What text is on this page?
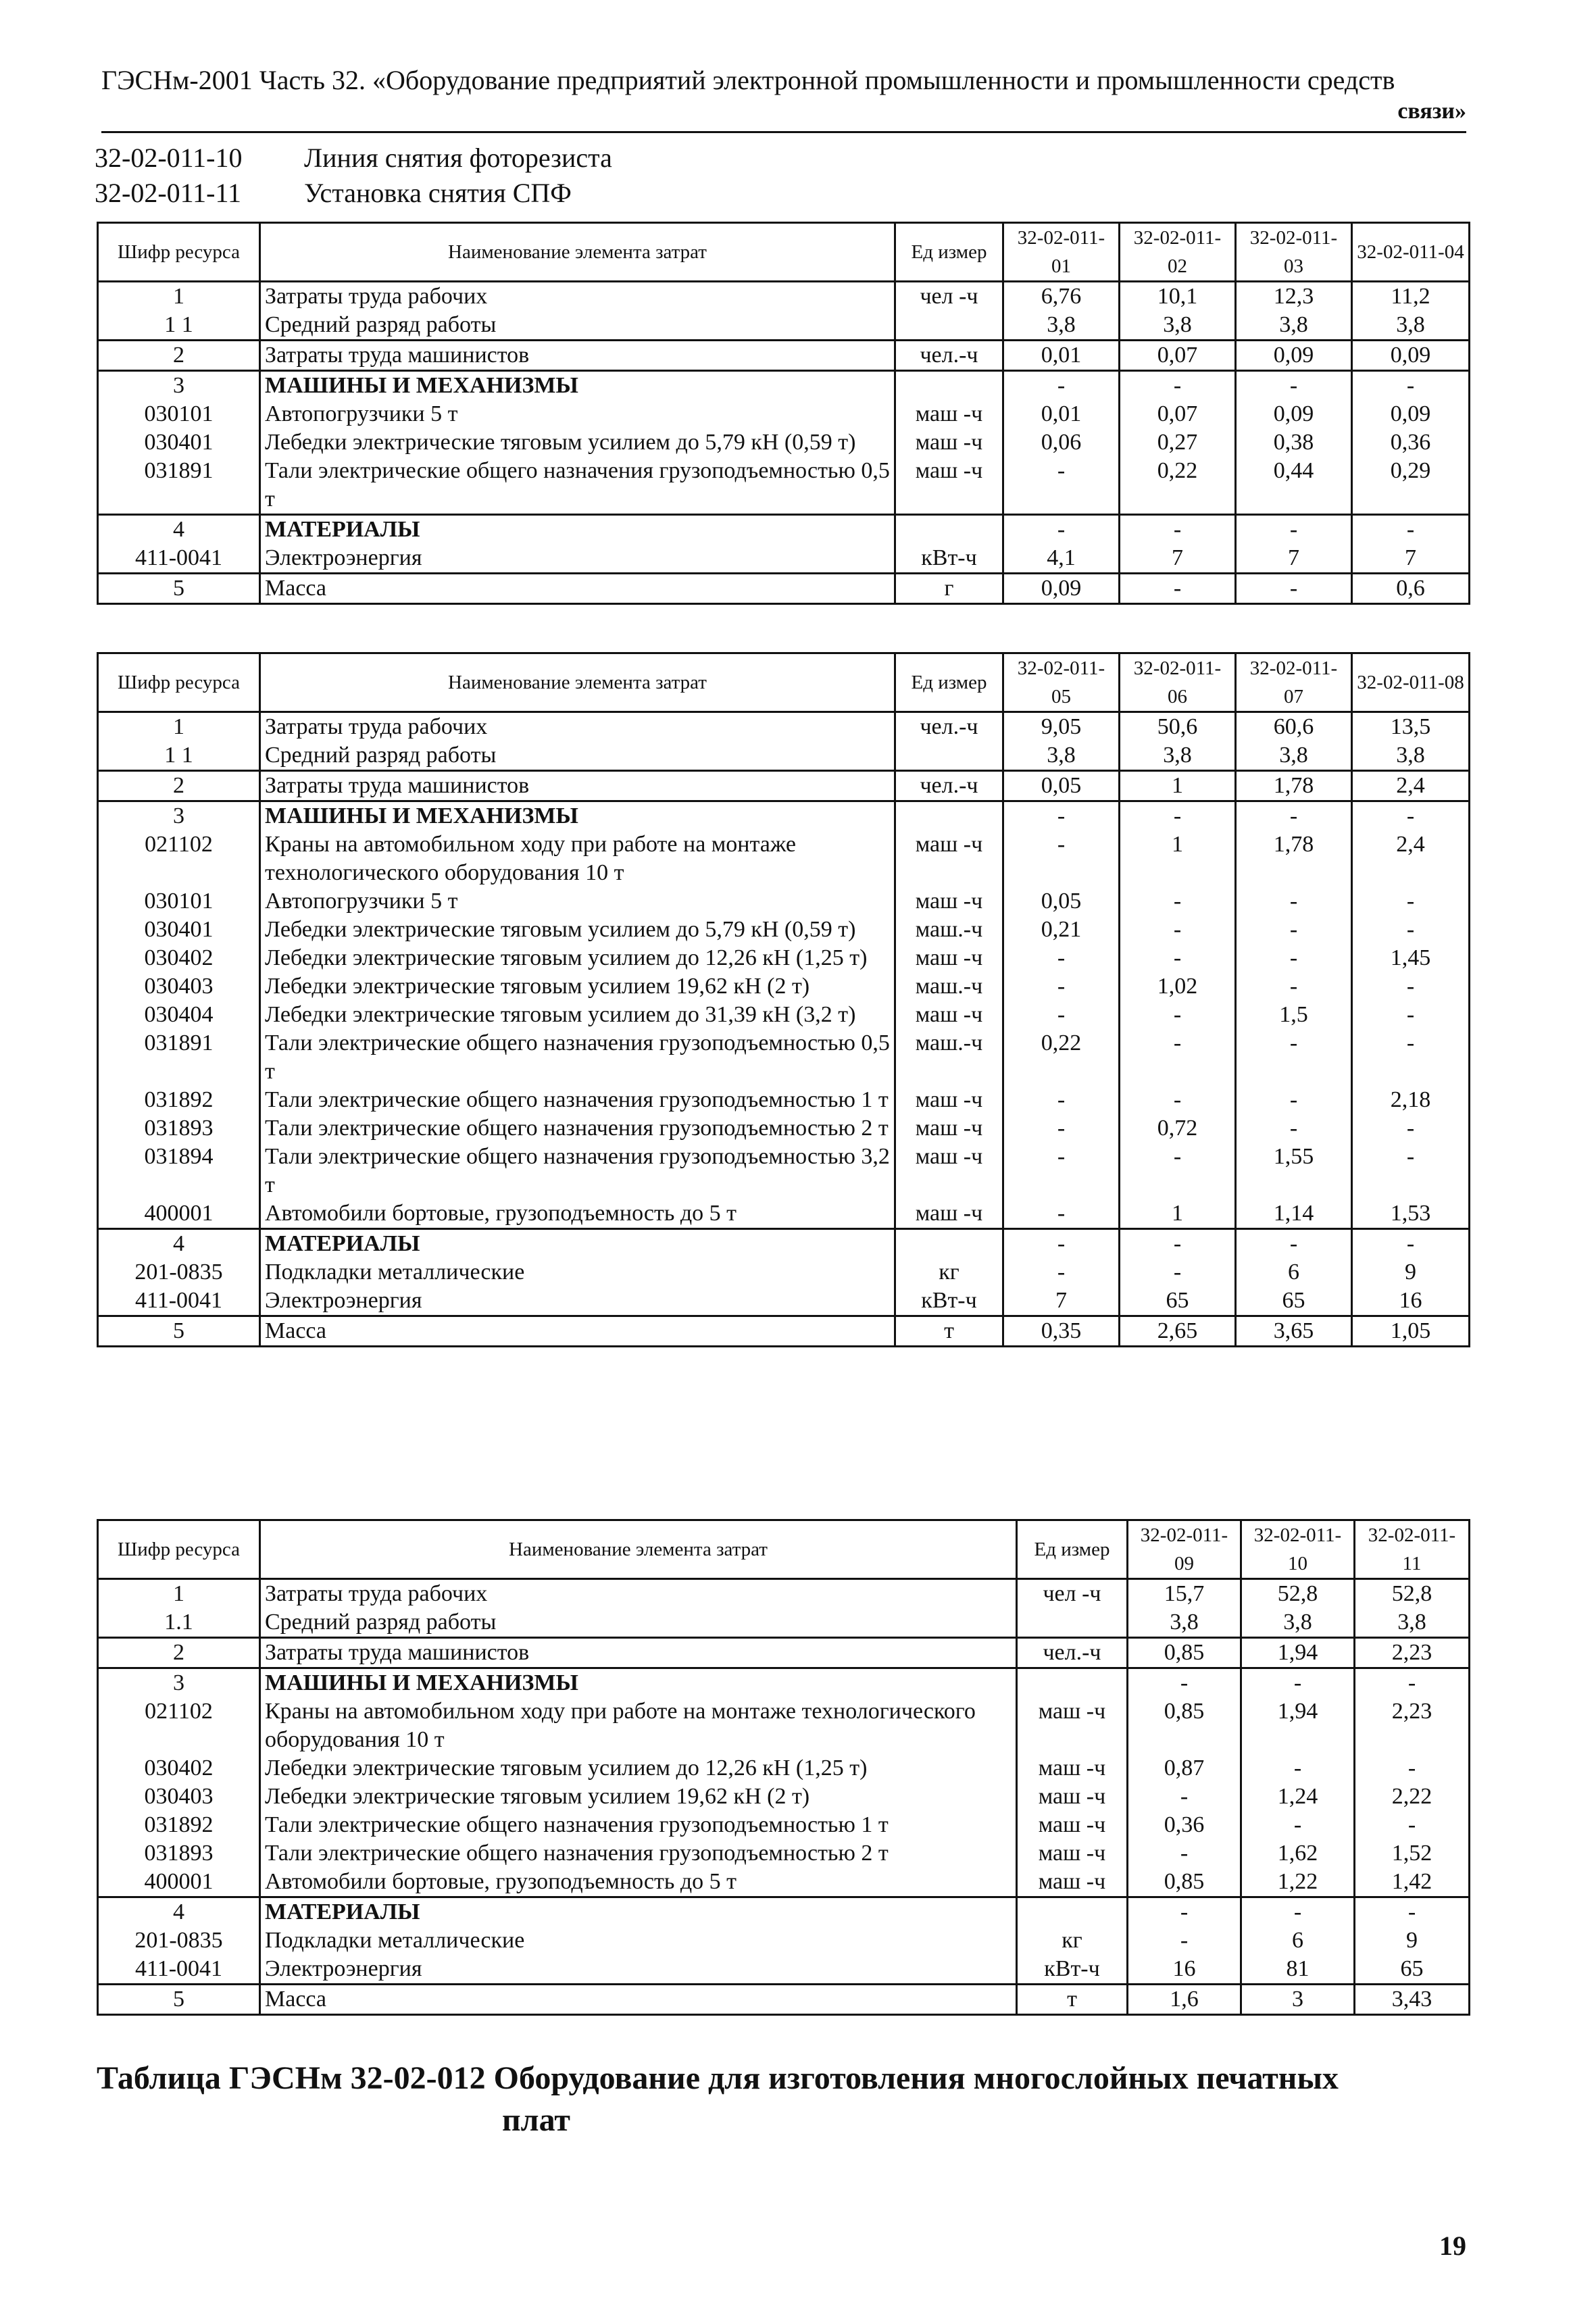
ГЭСНм-2001 Часть 32. «Оборудование предприятий электронной промышленности и промышленности средств
связи»
32-02-011-10	Линия снятия фоторезиста
32-02-011-11	Установка снятия СПФ
Шифр ресурса	Наименование элемента затрат	Ед измер	32-02-011-01	32-02-011-02	32-02-011-03	32-02-011-04
1	Затраты труда рабочих	чел -ч	6,76	10,1	12,3	11,2
1 1	Средний разряд работы		3,8	3,8	3,8	3,8
2	Затраты труда машинистов	чел.-ч	0,01	0,07	0,09	0,09
3	МАШИНЫ И МЕХАНИЗМЫ		-	-	-	-
030101	Автопогрузчики 5 т	маш -ч	0,01	0,07	0,09	0,09
030401	Лебедки электрические тяговым усилием до 5,79 кН (0,59 т)	маш -ч	0,06	0,27	0,38	0,36
031891	Тали электрические общего назначения грузоподъемностью 0,5 т	маш -ч	-	0,22	0,44	0,29
4	МАТЕРИАЛЫ		-	-	-	-
411-0041	Электроэнергия	кВт-ч	4,1	7	7	7
5	Масса	г	0,09	-	-	0,6
Шифр ресурса	Наименование элемента затрат	Ед измер	32-02-011-05	32-02-011-06	32-02-011-07	32-02-011-08
1	Затраты труда рабочих	чел.-ч	9,05	50,6	60,6	13,5
1 1	Средний разряд работы		3,8	3,8	3,8	3,8
2	Затраты труда машинистов	чел.-ч	0,05	1	1,78	2,4
3	МАШИНЫ И МЕХАНИЗМЫ		-	-	-	-
021102	Краны на автомобильном ходу при работе на монтаже технологического оборудования 10 т	маш -ч	-	1	1,78	2,4
030101	Автопогрузчики 5 т	маш -ч	0,05	-	-	-
030401	Лебедки электрические тяговым усилием до 5,79 кН (0,59 т)	маш.-ч	0,21	-	-	-
030402	Лебедки электрические тяговым усилием до 12,26 кН (1,25 т)	маш -ч	-	-	-	1,45
030403	Лебедки электрические тяговым усилием 19,62 кН (2 т)	маш.-ч	-	1,02	-	-
030404	Лебедки электрические тяговым усилием до 31,39 кН (3,2 т)	маш -ч	-	-	1,5	-
031891	Тали электрические общего назначения грузоподъемностью 0,5 т	маш.-ч	0,22	-	-	-
031892	Тали электрические общего назначения грузоподъемностью 1 т	маш -ч	-	-	-	2,18
031893	Тали электрические общего назначения грузоподъемностью 2 т	маш -ч	-	0,72	-	-
031894	Тали электрические общего назначения грузоподъемностью 3,2 т	маш -ч	-	-	1,55	-
400001	Автомобили бортовые, грузоподъемность до 5 т	маш -ч	-	1	1,14	1,53
4	МАТЕРИАЛЫ		-	-	-	-
201-0835	Подкладки металлические	кг	-	-	6	9
411-0041	Электроэнергия	кВт-ч	7	65	65	16
5	Масса	т	0,35	2,65	3,65	1,05
Шифр ресурса	Наименование элемента затрат	Ед измер	32-02-011-09	32-02-011-10	32-02-011-11
1	Затраты труда рабочих	чел -ч	15,7	52,8	52,8
1.1	Средний разряд работы		3,8	3,8	3,8
2	Затраты труда машинистов	чел.-ч	0,85	1,94	2,23
3	МАШИНЫ И МЕХАНИЗМЫ		-	-	-
021102	Краны на автомобильном ходу при работе на монтаже технологического оборудования 10 т	маш -ч	0,85	1,94	2,23
030402	Лебедки электрические тяговым усилием до 12,26 кН (1,25 т)	маш -ч	0,87	-	-
030403	Лебедки электрические тяговым усилием 19,62 кН (2 т)	маш -ч	-	1,24	2,22
031892	Тали электрические общего назначения грузоподъемностью 1 т	маш -ч	0,36	-	-
031893	Тали электрические общего назначения грузоподъемностью 2 т	маш -ч	-	1,62	1,52
400001	Автомобили бортовые, грузоподъемность до 5 т	маш -ч	0,85	1,22	1,42
4	МАТЕРИАЛЫ		-	-	-
201-0835	Подкладки металлические	кг	-	6	9
411-0041	Электроэнергия	кВт-ч	16	81	65
5	Масса	т	1,6	3	3,43
Таблица ГЭСНм 32-02-012 Оборудование для изготовления многослойных печатных
плат
19
